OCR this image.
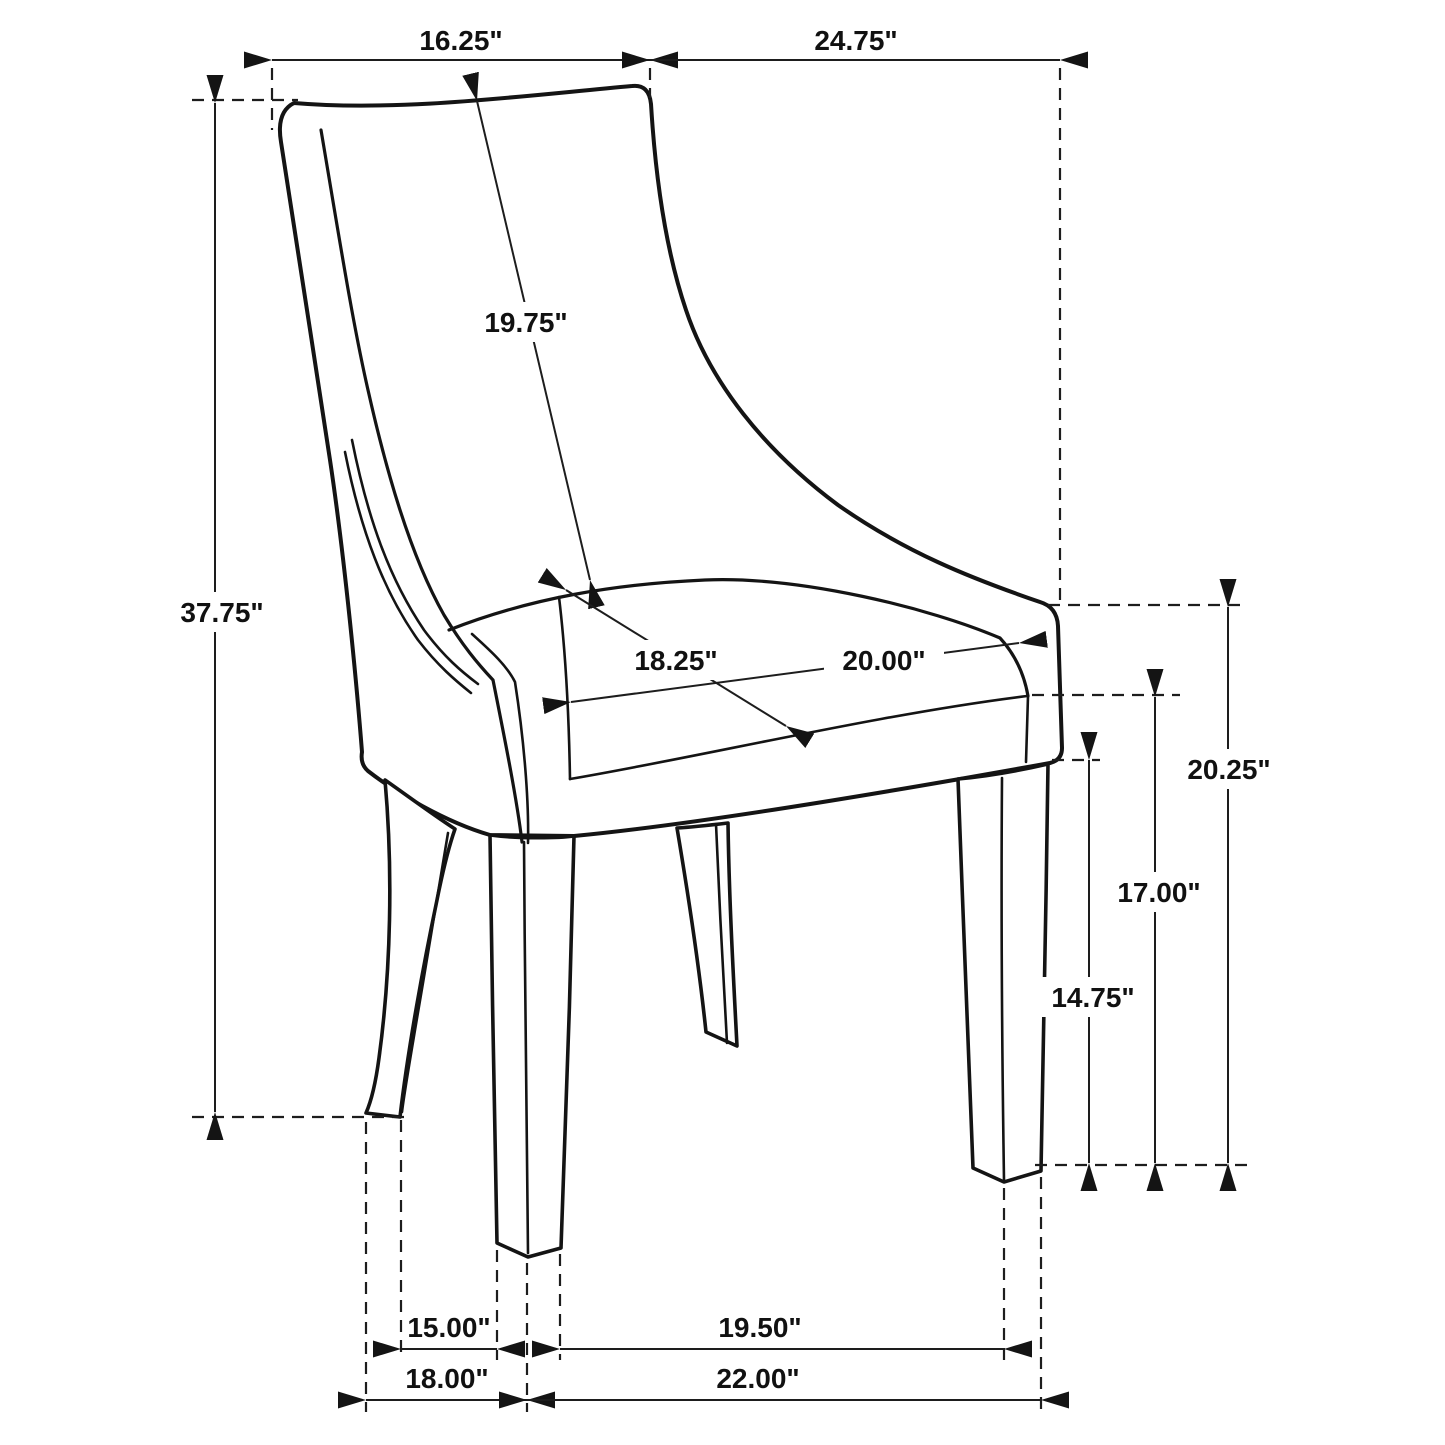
16.25"	24.75"
37.75"
19.75"
18.25"	20.00"
20.25"
17.00"
14.75"
15.00"	19.50"
18.00"	22.00"
